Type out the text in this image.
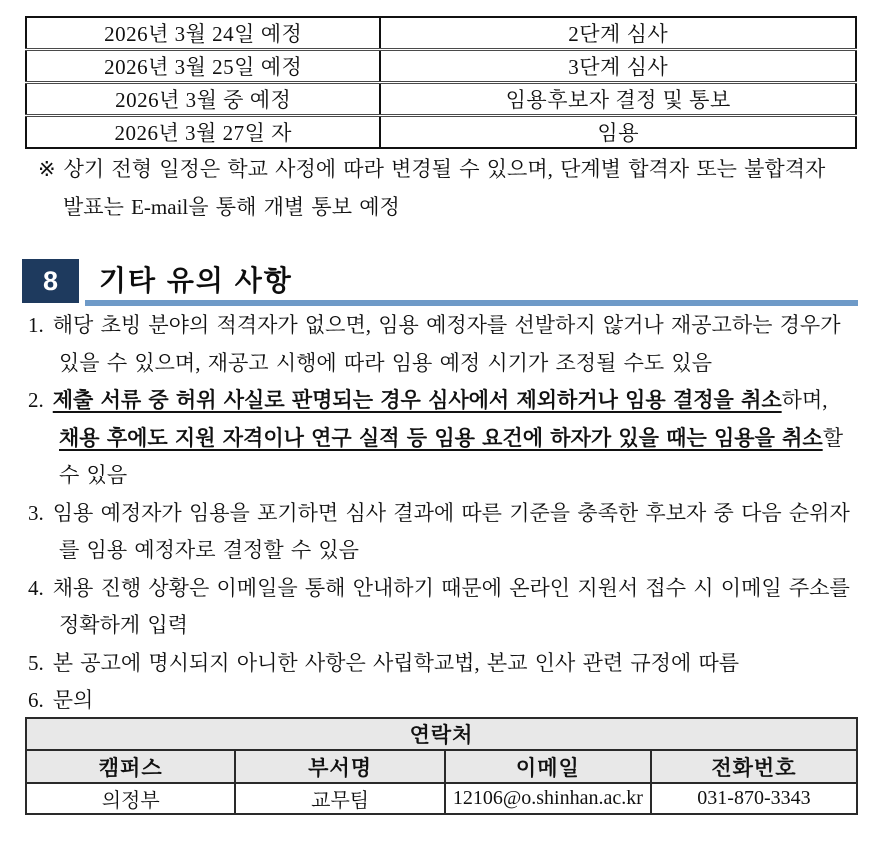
2026년 3월 24일 예정	2단계 심사
2026년 3월 25일 예정	3단계 심사
2026년 3월 중 예정	임용후보자 결정 및 통보
2026년 3월 27일 자	임용
※ 상기 전형 일정은 학교 사정에 따라 변경될 수 있으며, 단계별 합격자 또는 불합격자
발표는 E-mail을 통해 개별 통보 예정
8 기타 유의 사항
1. 해당 초빙 분야의 적격자가 없으면, 임용 예정자를 선발하지 않거나 재공고하는 경우가
있을 수 있으며, 재공고 시행에 따라 임용 예정 시기가 조정될 수도 있음
2. 제출 서류 중 허위 사실로 판명되는 경우 심사에서 제외하거나 임용 결정을 취소하며,
채용 후에도 지원 자격이나 연구 실적 등 임용 요건에 하자가 있을 때는 임용을 취소할
수 있음
3. 임용 예정자가 임용을 포기하면 심사 결과에 따른 기준을 충족한 후보자 중 다음 순위자
를 임용 예정자로 결정할 수 있음
4. 채용 진행 상황은 이메일을 통해 안내하기 때문에 온라인 지원서 접수 시 이메일 주소를
정확하게 입력
5. 본 공고에 명시되지 아니한 사항은 사립학교법, 본교 인사 관련 규정에 따름
6. 문의
연락처			
캠퍼스	부서명	이메일	전화번호
의정부	교무팀	12106@o.shinhan.ac.kr	031-870-3343
